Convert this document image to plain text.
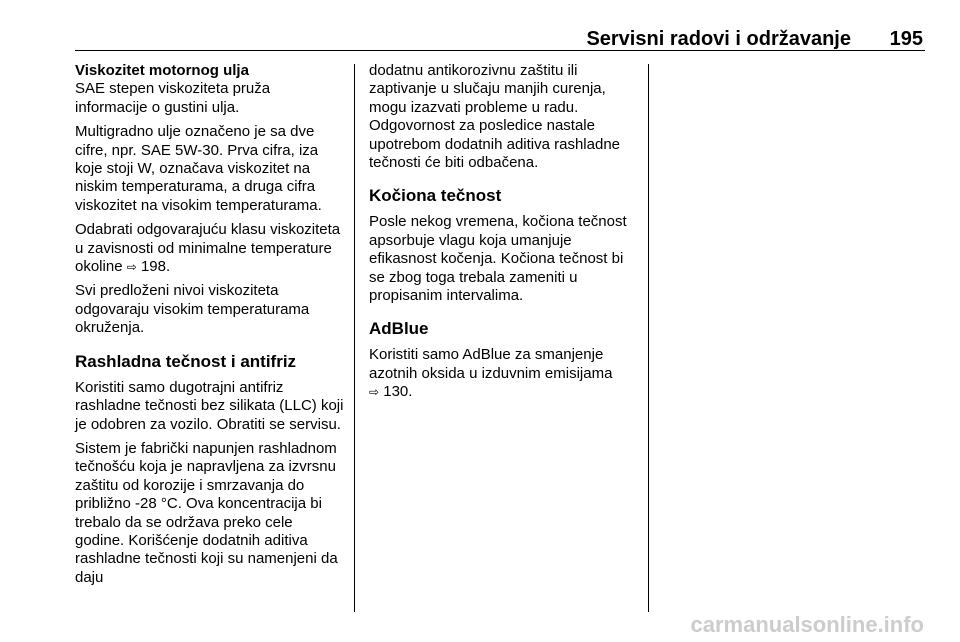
Servisni radovi i održavanje 195

Viskozitet motornog ulja

SAE stepen viskoziteta pruža informacije o gustini ulja.

Multigradno ulje označeno je sa dve cifre, npr. SAE 5W-30. Prva cifra, iza koje stoji W, označava viskozitet na niskim temperaturama, a druga cifra viskozitet na visokim temperaturama.

Odabrati odgovarajuću klasu viskoziteta u zavisnosti od minimalne temperature okoline ⇨ 198.

Svi predloženi nivoi viskoziteta odgovaraju visokim temperaturama okruženja.

Rashladna tečnost i antifriz

Koristiti samo dugotrajni antifriz rashladne tečnosti bez silikata (LLC) koji je odobren za vozilo. Obratiti se servisu.

Sistem je fabrički napunjen rashladnom tečnošću koja je napravljena za izvrsnu zaštitu od korozije i smrzavanja do približno -28 °C. Ova koncentracija bi trebalo da se održava preko cele godine. Korišćenje dodatnih aditiva rashladne tečnosti koji su namenjeni da daju

dodatnu antikorozivnu zaštitu ili zaptivanje u slučaju manjih curenja, mogu izazvati probleme u radu. Odgovornost za posledice nastale upotrebom dodatnih aditiva rashladne tečnosti će biti odbačena.

Kočiona tečnost

Posle nekog vremena, kočiona tečnost apsorbuje vlagu koja umanjuje efikasnost kočenja. Kočiona tečnost bi se zbog toga trebala zameniti u propisanim intervalima.

AdBlue

Koristiti samo AdBlue za smanjenje azotnih oksida u izduvnim emisijama
⇨ 130.

carmanualsonline.info
